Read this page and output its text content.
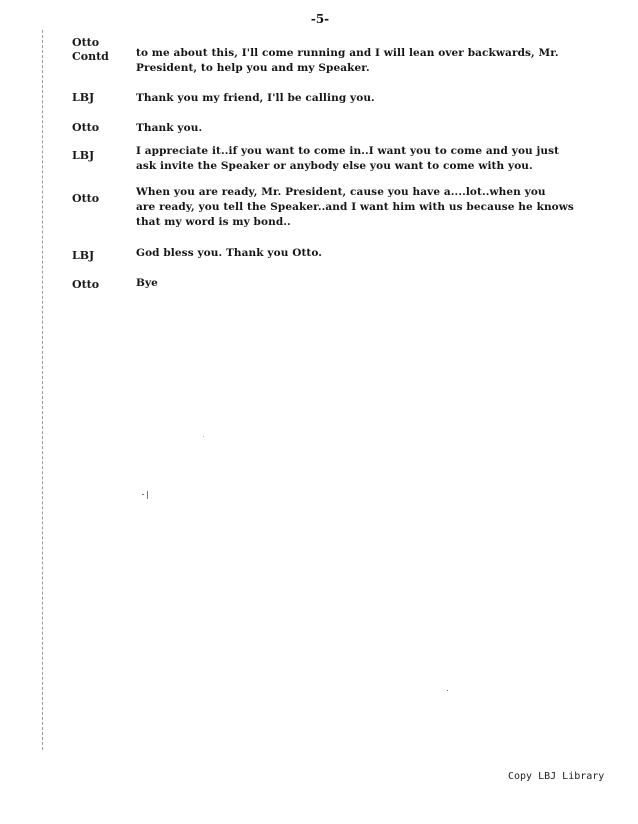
-5-
Otto
Contd	to me about this, I'll come running and I will lean over backwards, Mr.
President, to help you and my Speaker.
LBJ	Thank you my friend, I'll be calling you.
Otto	Thank you.
LBJ	I appreciate it..if you want to come in..I want you to come and you just
ask invite the Speaker or anybody else you want to come with you.
Otto	When you are ready, Mr. President, cause you have a....lot..when you
are ready, you tell the Speaker..and I want him with us because he knows
that my word is my bond..
LBJ	God bless you. Thank you Otto.
Otto	Bye
Copy LBJ Library
